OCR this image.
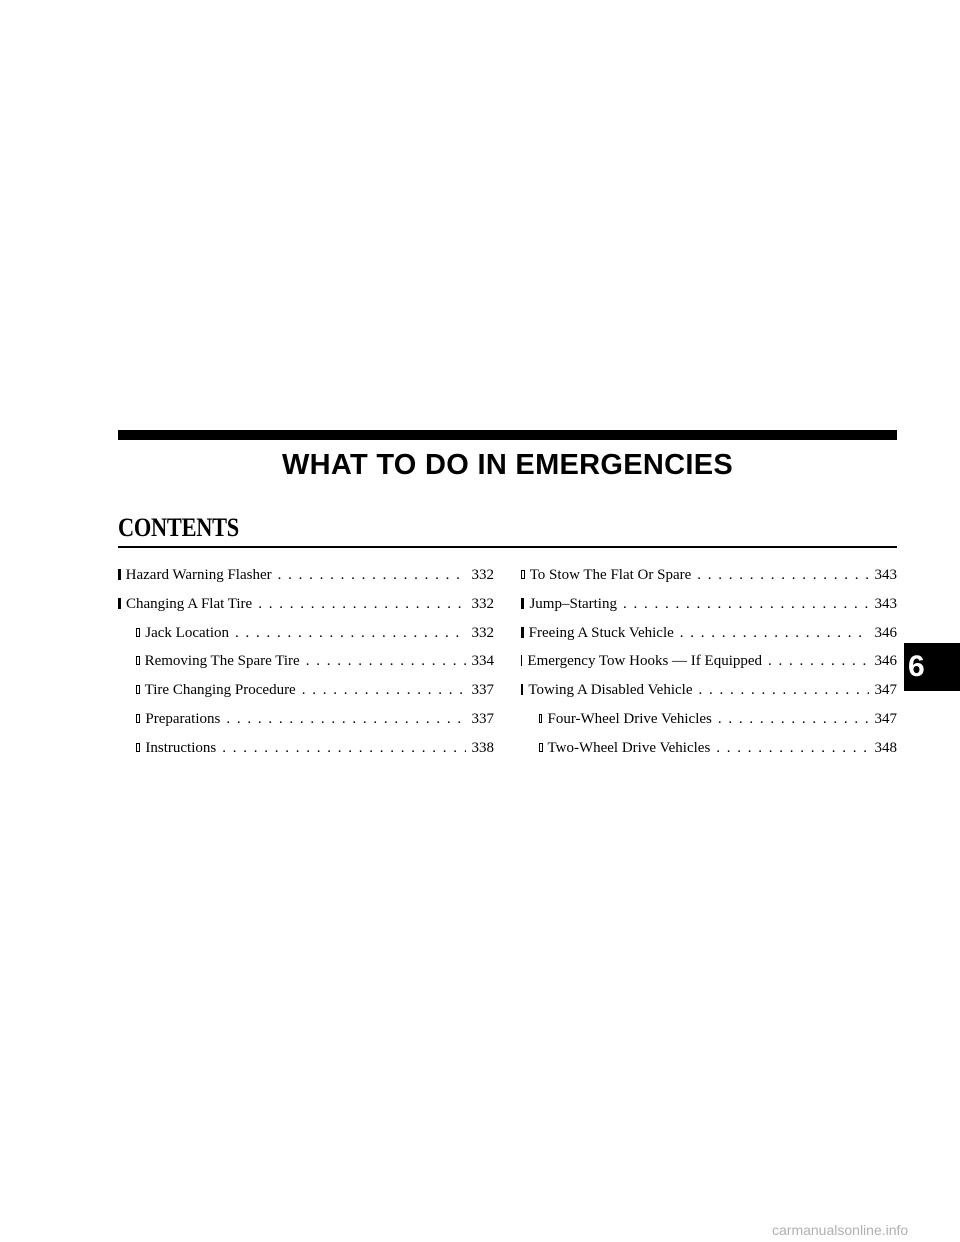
WHAT TO DO IN EMERGENCIES
CONTENTS
Hazard Warning Flasher . . .	332
Changing A Flat Tire . . .	332
Jack Location . . .	332
Removing The Spare Tire . . .	334
Tire Changing Procedure . . .	337
Preparations . . .	337
Instructions . . .	338
To Stow The Flat Or Spare . . .	343
Jump–Starting . . .	343
Freeing A Stuck Vehicle . . .	346
Emergency Tow Hooks — If Equipped . . .	346
Towing A Disabled Vehicle . . .	347
Four-Wheel Drive Vehicles . . .	347
Two-Wheel Drive Vehicles . . .	348
6
carmanualsonline.info
